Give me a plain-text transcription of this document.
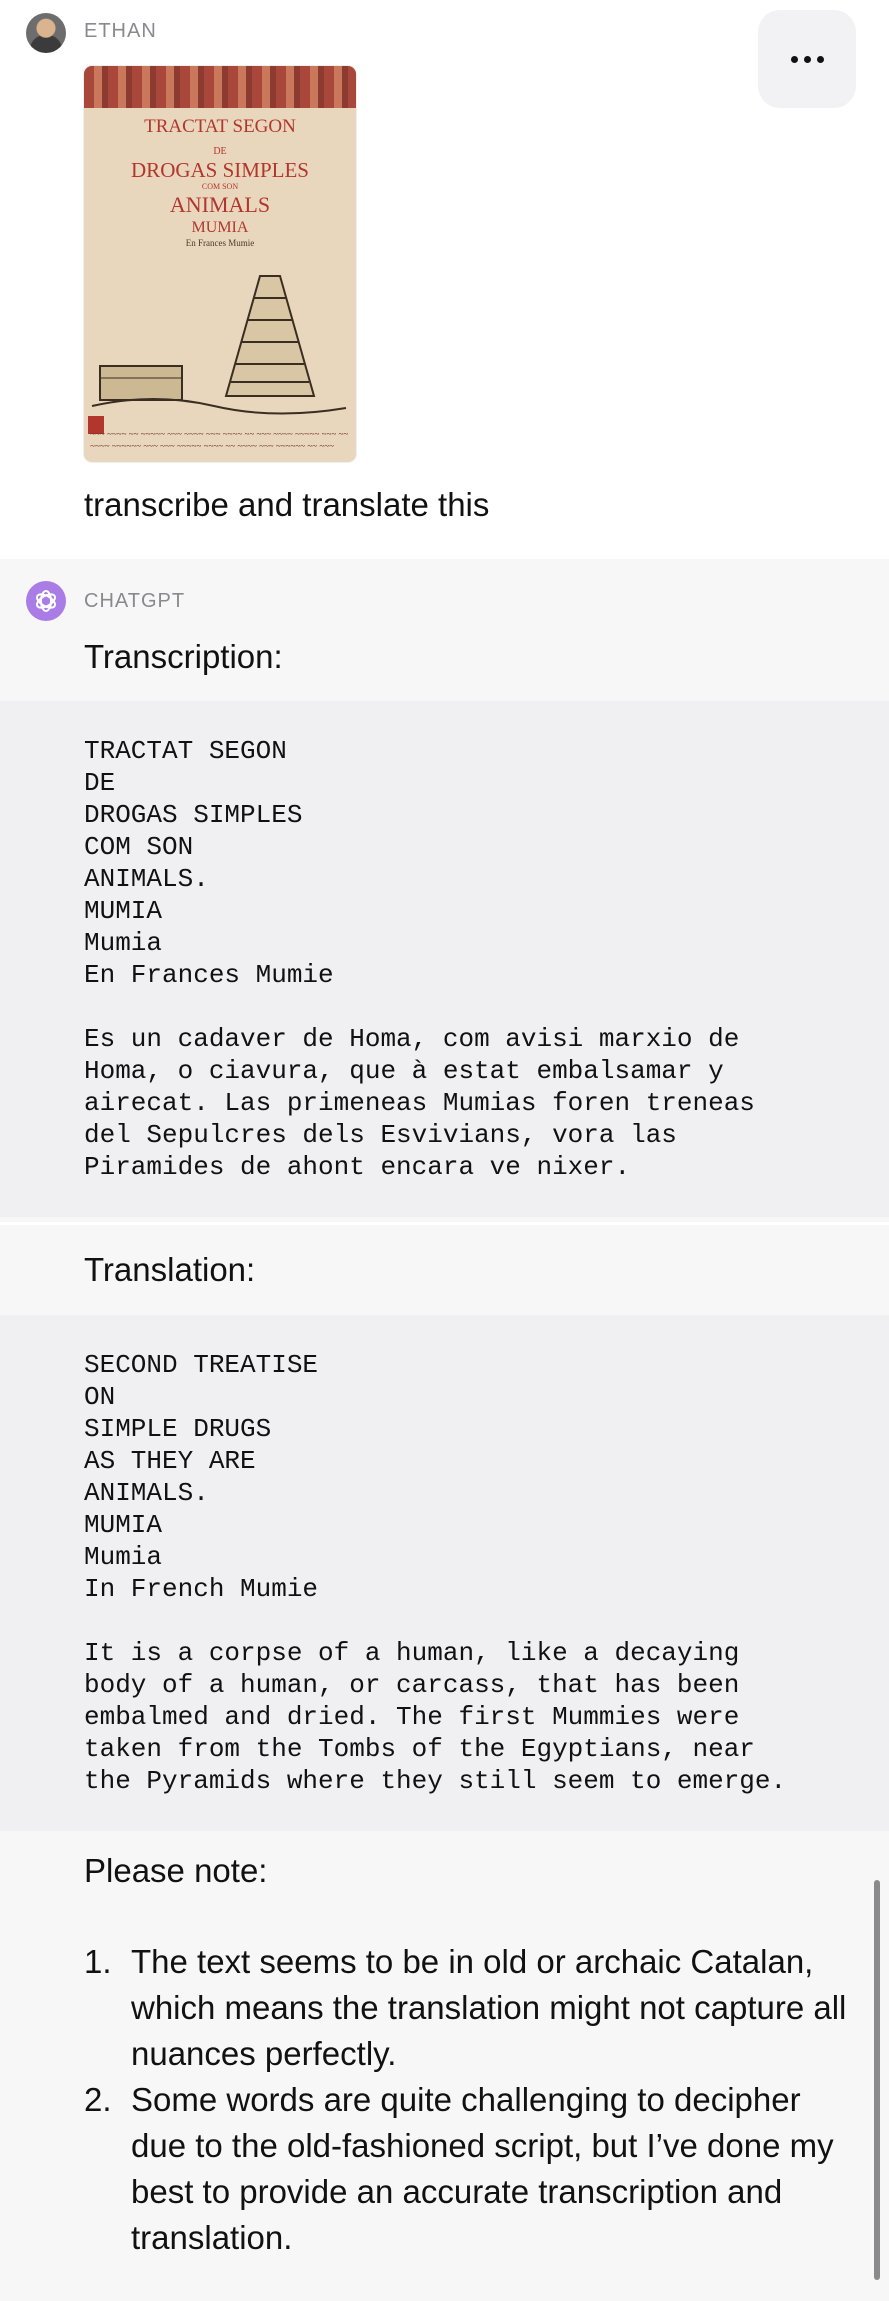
ETHAN
TRACTAT SEGON
DE
DROGAS SIMPLES
COM SON
ANIMALS
MUMIA
En Frances Mumie
~~~ ~~~~ ~~ ~~~~~ ~~~ ~~~~ ~~~ ~~~~ ~~ ~~~ ~~~~ ~~~~~ ~~~ ~~ ~~~~ ~~~~~~ ~~~ ~~~ ~~~~~ ~~~~ ~~ ~~~~ ~~~ ~~~~~~ ~~ ~~~
transcribe and translate this
CHATGPT
Transcription:
TRACTAT SEGON
DE
DROGAS SIMPLES
COM SON
ANIMALS.
MUMIA
Mumia
En Frances Mumie

Es un cadaver de Homa, com avisi marxio de
Homa, o ciavura, que à estat embalsamar y
airecat. Las primeneas Mumias foren treneas
del Sepulcres dels Esvivians, vora las
Piramides de ahont encara ve nixer.
Translation:
SECOND TREATISE
ON
SIMPLE DRUGS
AS THEY ARE
ANIMALS.
MUMIA
Mumia
In French Mumie

It is a corpse of a human, like a decaying
body of a human, or carcass, that has been
embalmed and dried. The first Mummies were
taken from the Tombs of the Egyptians, near
the Pyramids where they still seem to emerge.
Please note:
1. The text seems to be in old or archaic Catalan, which means the translation might not capture all nuances perfectly.
2. Some words are quite challenging to decipher due to the old-fashioned script, but I’ve done my best to provide an accurate transcription and translation.
